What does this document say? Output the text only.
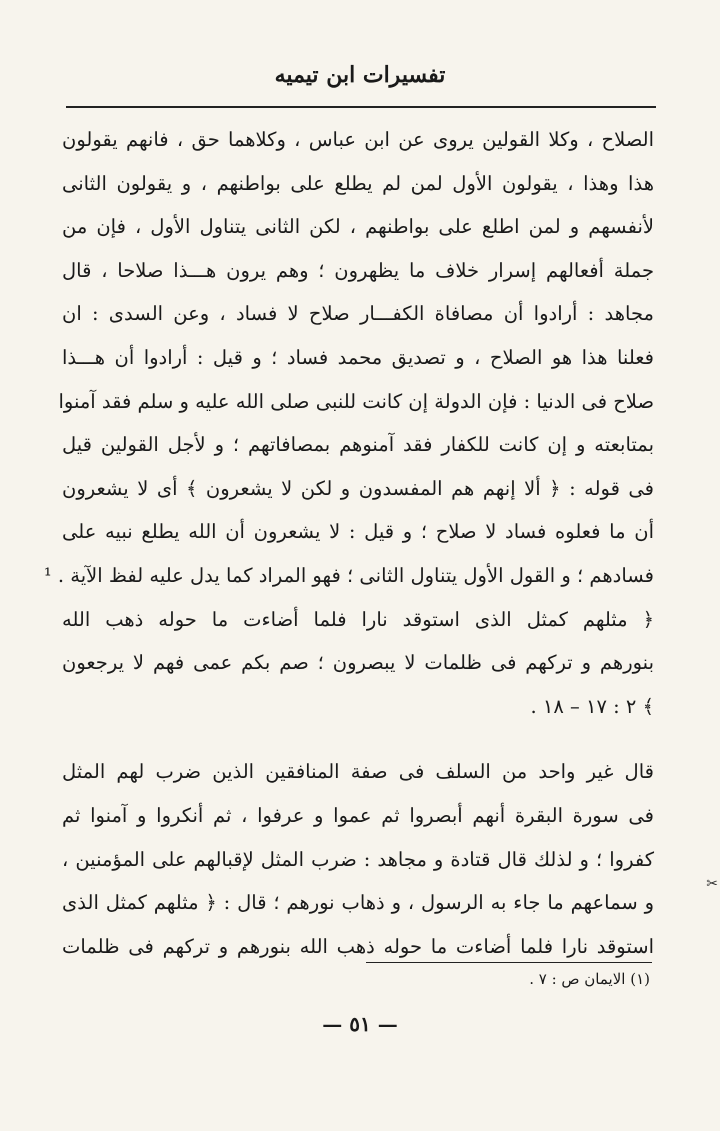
تفسيرات ابن تيميه
الصلاح ، وكلا القولين يروى عن ابن عباس ، وكلاهما حق ، فانهم يقولون
هذا وهذا ، يقولون الأول لمن لم يطلع على بواطنهم ، و يقولون الثانى
لأنفسهم و لمن اطلع على بواطنهم ، لكن الثانى يتناول الأول ، فإن من
جملة أفعالهم إسرار خلاف ما يظهرون ؛ وهم يرون هـــذا صلاحا ، قال
مجاهد : أرادوا أن مصافاة الكفـــار صلاح لا فساد ، وعن السدى : ان
فعلنا هذا هو الصلاح ، و تصديق محمد فساد ؛ و قيل : أرادوا أن هـــذا
صلاح فى الدنيا : فإن الدولة إن كانت للنبى صلى الله عليه و سلم فقد آمنوا
بمتابعته و إن كانت للكفار فقد آمنوهم بمصافاتهم ؛ و لأجل القولين قيل
فى قوله : ﴿ ألا إنهم هم المفسدون و لكن لا يشعرون ﴾ أى لا يشعرون
أن ما فعلوه فساد لا صلاح ؛ و قيل : لا يشعرون أن الله يطلع نبيه على
فسادهم ؛ و القول الأول يتناول الثانى ؛ فهو المراد كما يدل عليه لفظ الآية . ¹
﴿ مثلهم كمثل الذى استوقد نارا فلما أضاءت ما حوله ذهب الله
بنورهم و تركهم فى ظلمات لا يبصرون ؛ صم بكم عمى فهم لا يرجعون
﴾ ٢ : ١٧ – ١٨ .
قال غير واحد من السلف فى صفة المنافقين الذين ضرب لهم المثل
فى سورة البقرة أنهم أبصروا ثم عموا و عرفوا ، ثم أنكروا و آمنوا ثم
كفروا ؛ و لذلك قال قتادة و مجاهد : ضرب المثل لإقبالهم على المؤمنين ،
و سماعهم ما جاء به الرسول ، و ذهاب نورهم ؛ قال : ﴿ مثلهم كمثل الذى
استوقد نارا فلما أضاءت ما حوله ذهب الله بنورهم و تركهم فى ظلمات
✂
(١) الايمان ص : ٧ .
— ٥١ —
